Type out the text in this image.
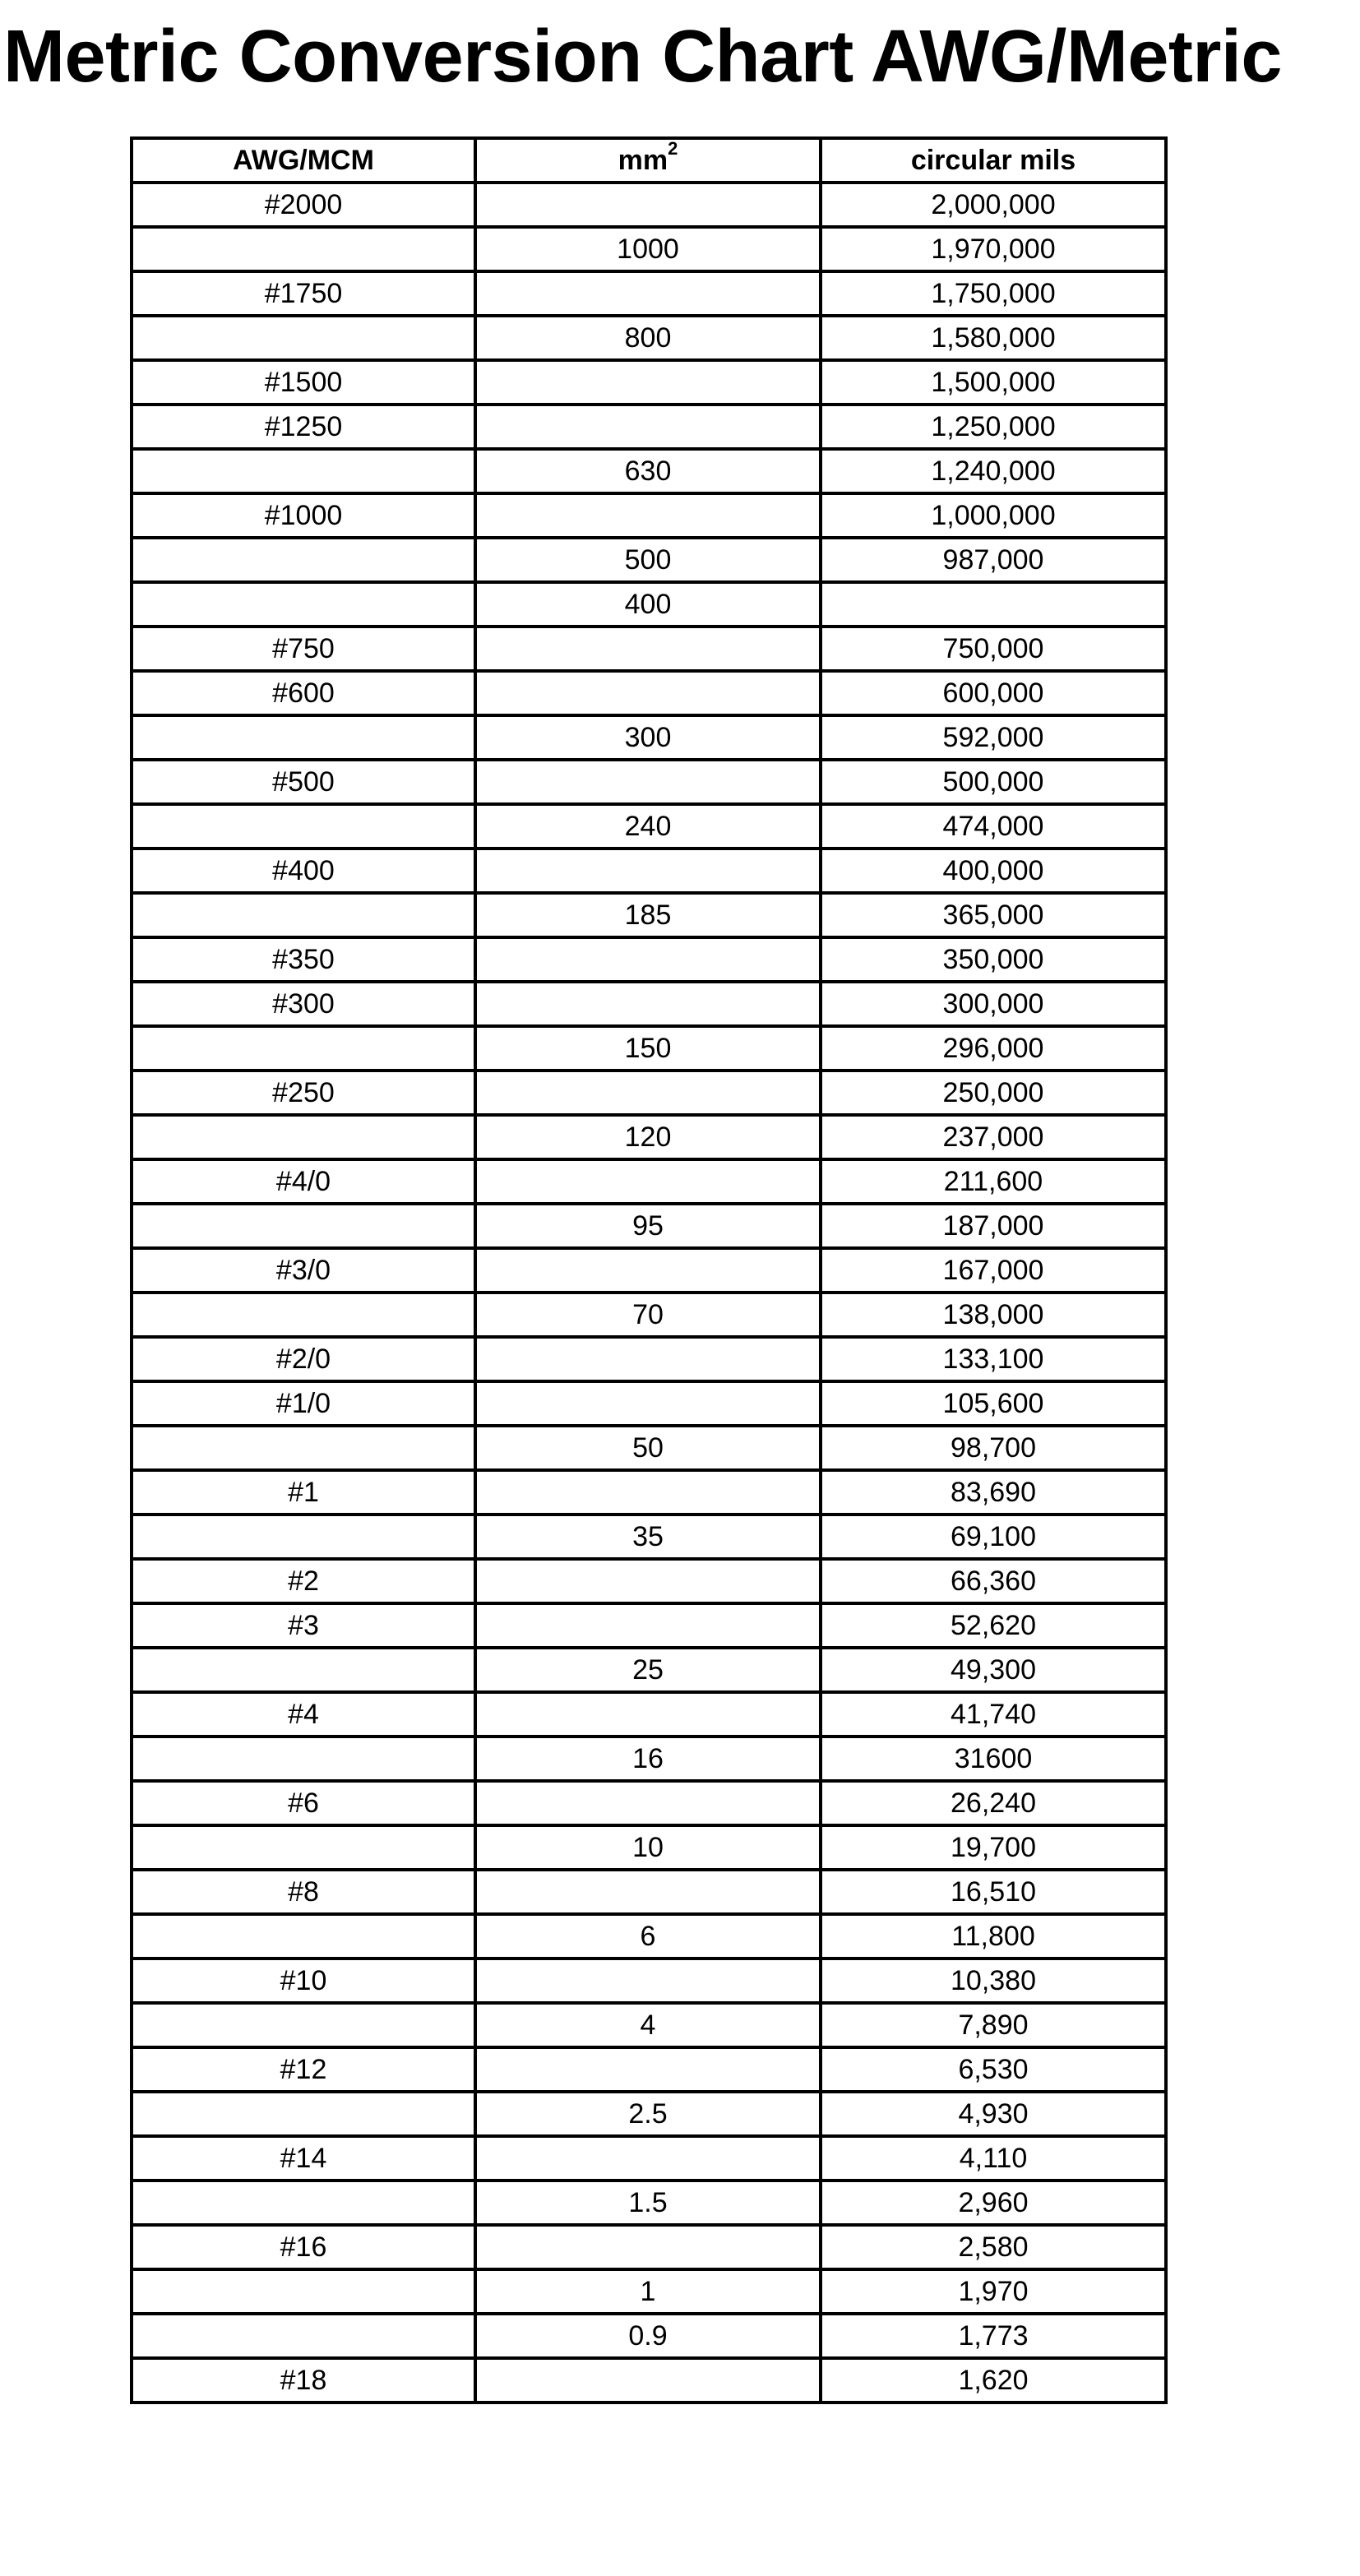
Metric Conversion Chart AWG/Metric
AWG/MCM	$mm^2$	circular mils
#2000		2,000,000
	1000	1,970,000
#1750		1,750,000
	800	1,580,000
#1500		1,500,000
#1250		1,250,000
	630	1,240,000
#1000		1,000,000
	500	987,000
	400	
#750		750,000
#600		600,000
	300	592,000
#500		500,000
	240	474,000
#400		400,000
	185	365,000
#350		350,000
#300		300,000
	150	296,000
#250		250,000
	120	237,000
#4/0		211,600
	95	187,000
#3/0		167,000
	70	138,000
#2/0		133,100
#1/0		105,600
	50	98,700
#1		83,690
	35	69,100
#2		66,360
#3		52,620
	25	49,300
#4		41,740
	16	31600
#6		26,240
	10	19,700
#8		16,510
	6	11,800
#10		10,380
	4	7,890
#12		6,530
	2.5	4,930
#14		4,110
	1.5	2,960
#16		2,580
	1	1,970
	0.9	1,773
#18		1,620
